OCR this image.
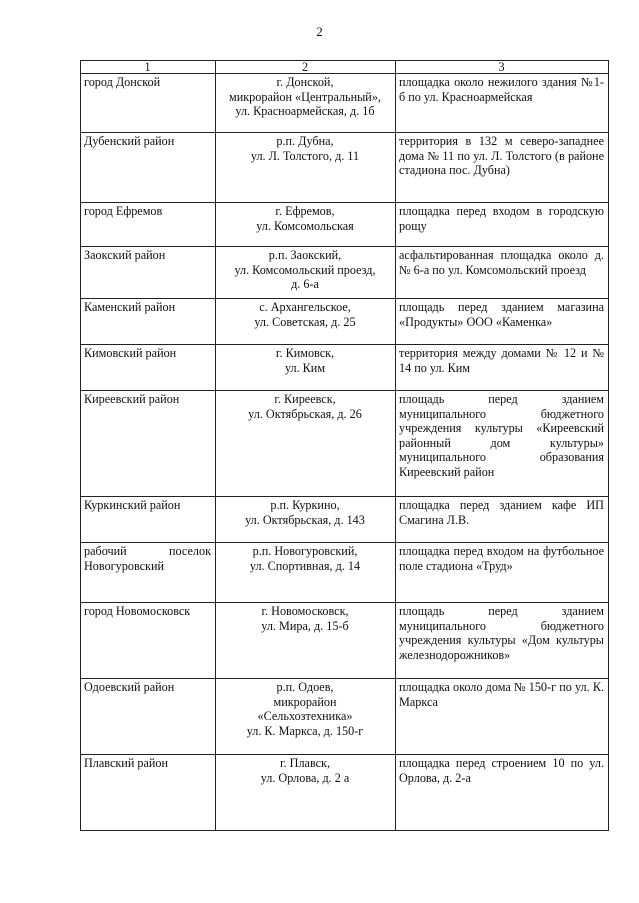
2
1	2	3

город Донской	г. Донской,
микрорайон «Центральный»,
ул. Красноармейская, д. 1б	площадка около нежилого здания №1-б по ул. Красноармейская

Дубенский район	р.п. Дубна,
ул. Л. Толстого, д. 11	территория в 132 м северо-западнее дома № 11 по ул. Л. Толстого (в районе стадиона пос. Дубна)

город Ефремов	г. Ефремов,
ул. Комсомольская	площадка перед входом в городскую рощу

Заокский район	р.п. Заокский,
ул. Комсомольский проезд,
д. 6-а	асфальтированная площадка около д. № 6-а по ул. Комсомольский проезд

Каменский район	с. Архангельское,
ул. Советская, д. 25	площадь перед зданием магазина «Продукты» ООО «Каменка»

Кимовский район	г. Кимовск,
ул. Ким	территория между домами № 12 и № 14 по ул. Ким

Киреевский район	г. Киреевск,
ул. Октябрьская, д. 26	площадь перед зданием муниципального бюджетного учреждения культуры «Киреевский районный дом культуры» муниципального образования Киреевский район

Куркинский район	р.п. Куркино,
ул. Октябрьская, д. 143	площадка перед зданием кафе ИП Смагина Л.В.

рабочий поселок
Новогуровский	р.п. Новогуровский,
ул. Спортивная, д. 14	площадка перед входом на футбольное поле стадиона «Труд»

город Новомосковск	г. Новомосковск,
ул. Мира, д. 15-б	площадь перед зданием муниципального бюджетного учреждения культуры «Дом культуры железнодорожников»

Одоевский район	р.п. Одоев,
микрорайон
«Сельхозтехника»
ул. К. Маркса, д. 150-г	площадка около дома № 150-г по ул. К. Маркса

Плавский район	г. Плавск,
ул. Орлова, д. 2 а	площадка перед строением 10 по ул. Орлова, д. 2-а
